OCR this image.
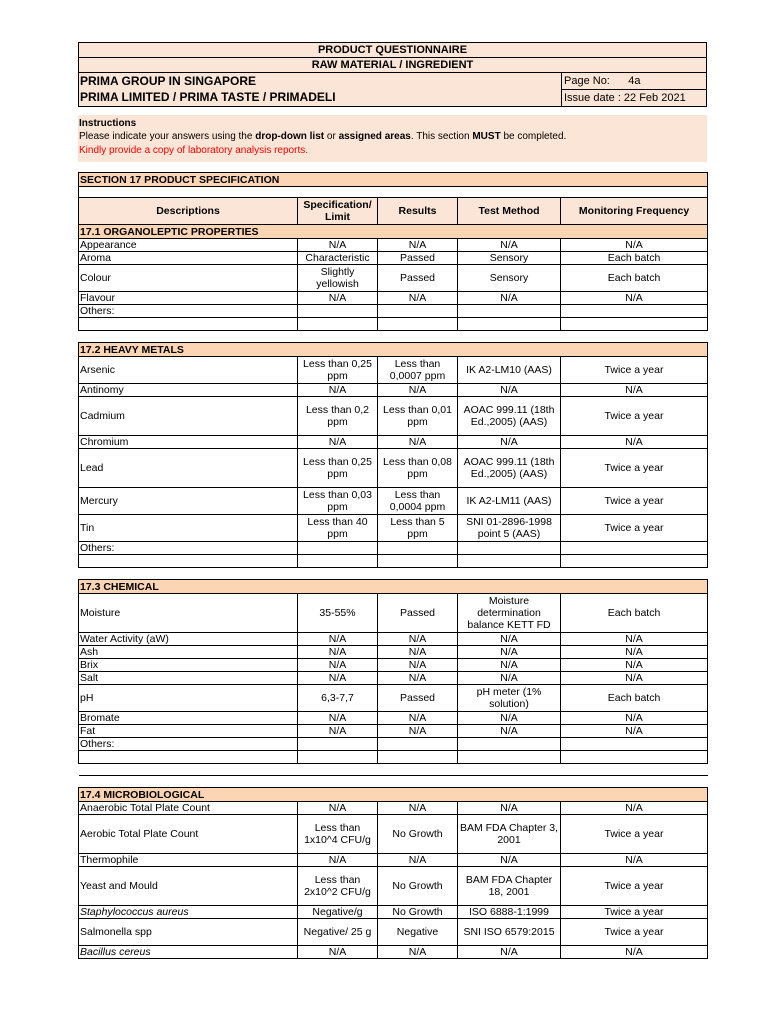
PRODUCT QUESTIONNAIRE
RAW MATERIAL / INGREDIENT
PRIMA GROUP IN SINGAPORE
PRIMA LIMITED / PRIMA TASTE / PRIMADELI
Page No:      4a
Issue date : 22 Feb 2021
Instructions
Please indicate your answers using the drop-down list or assigned areas. This section MUST be completed.
Kindly provide a copy of laboratory analysis reports.
SECTION 17 PRODUCT SPECIFICATION				

Descriptions	Specification/ Limit	Results	Test Method	Monitoring Frequency
17.1 ORGANOLEPTIC PROPERTIES				
Appearance	N/A	N/A	N/A	N/A
Aroma	Characteristic	Passed	Sensory	Each batch
Colour	Slightly yellowish	Passed	Sensory	Each batch
Flavour	N/A	N/A	N/A	N/A
Others:				

17.2 HEAVY METALS				
Arsenic	Less than 0,25 ppm	Less than 0,0007 ppm	IK A2-LM10 (AAS)	Twice a year
Antinomy	N/A	N/A	N/A	N/A
Cadmium	Less than 0,2 ppm	Less than 0,01 ppm	AOAC 999.11 (18th Ed.,2005) (AAS)	Twice a year
Chromium	N/A	N/A	N/A	N/A
Lead	Less than 0,25 ppm	Less than 0,08 ppm	AOAC 999.11 (18th Ed.,2005) (AAS)	Twice a year
Mercury	Less than 0,03 ppm	Less than 0,0004 ppm	IK A2-LM11 (AAS)	Twice a year
Tin	Less than 40 ppm	Less than 5 ppm	SNI 01-2896-1998 point 5 (AAS)	Twice a year
Others:				

17.3 CHEMICAL				
Moisture	35-55%	Passed	Moisture determination balance KETT FD	Each batch
Water Activity (aW)	N/A	N/A	N/A	N/A
Ash	N/A	N/A	N/A	N/A
Brix	N/A	N/A	N/A	N/A
Salt	N/A	N/A	N/A	N/A
pH	6,3-7,7	Passed	pH meter (1% solution)	Each batch
Bromate	N/A	N/A	N/A	N/A
Fat	N/A	N/A	N/A	N/A
Others:				

17.4 MICROBIOLOGICAL				
Anaerobic Total Plate Count	N/A	N/A	N/A	N/A
Aerobic Total Plate Count	Less than 1x10^4 CFU/g	No Growth	BAM FDA Chapter 3, 2001	Twice a year
Thermophile	N/A	N/A	N/A	N/A
Yeast and Mould	Less than 2x10^2 CFU/g	No Growth	BAM FDA Chapter 18, 2001	Twice a year
Staphylococcus aureus	Negative/g	No Growth	ISO 6888-1:1999	Twice a year
Salmonella spp	Negative/ 25 g	Negative	SNI ISO 6579:2015	Twice a year
Bacillus cereus	N/A	N/A	N/A	N/A
